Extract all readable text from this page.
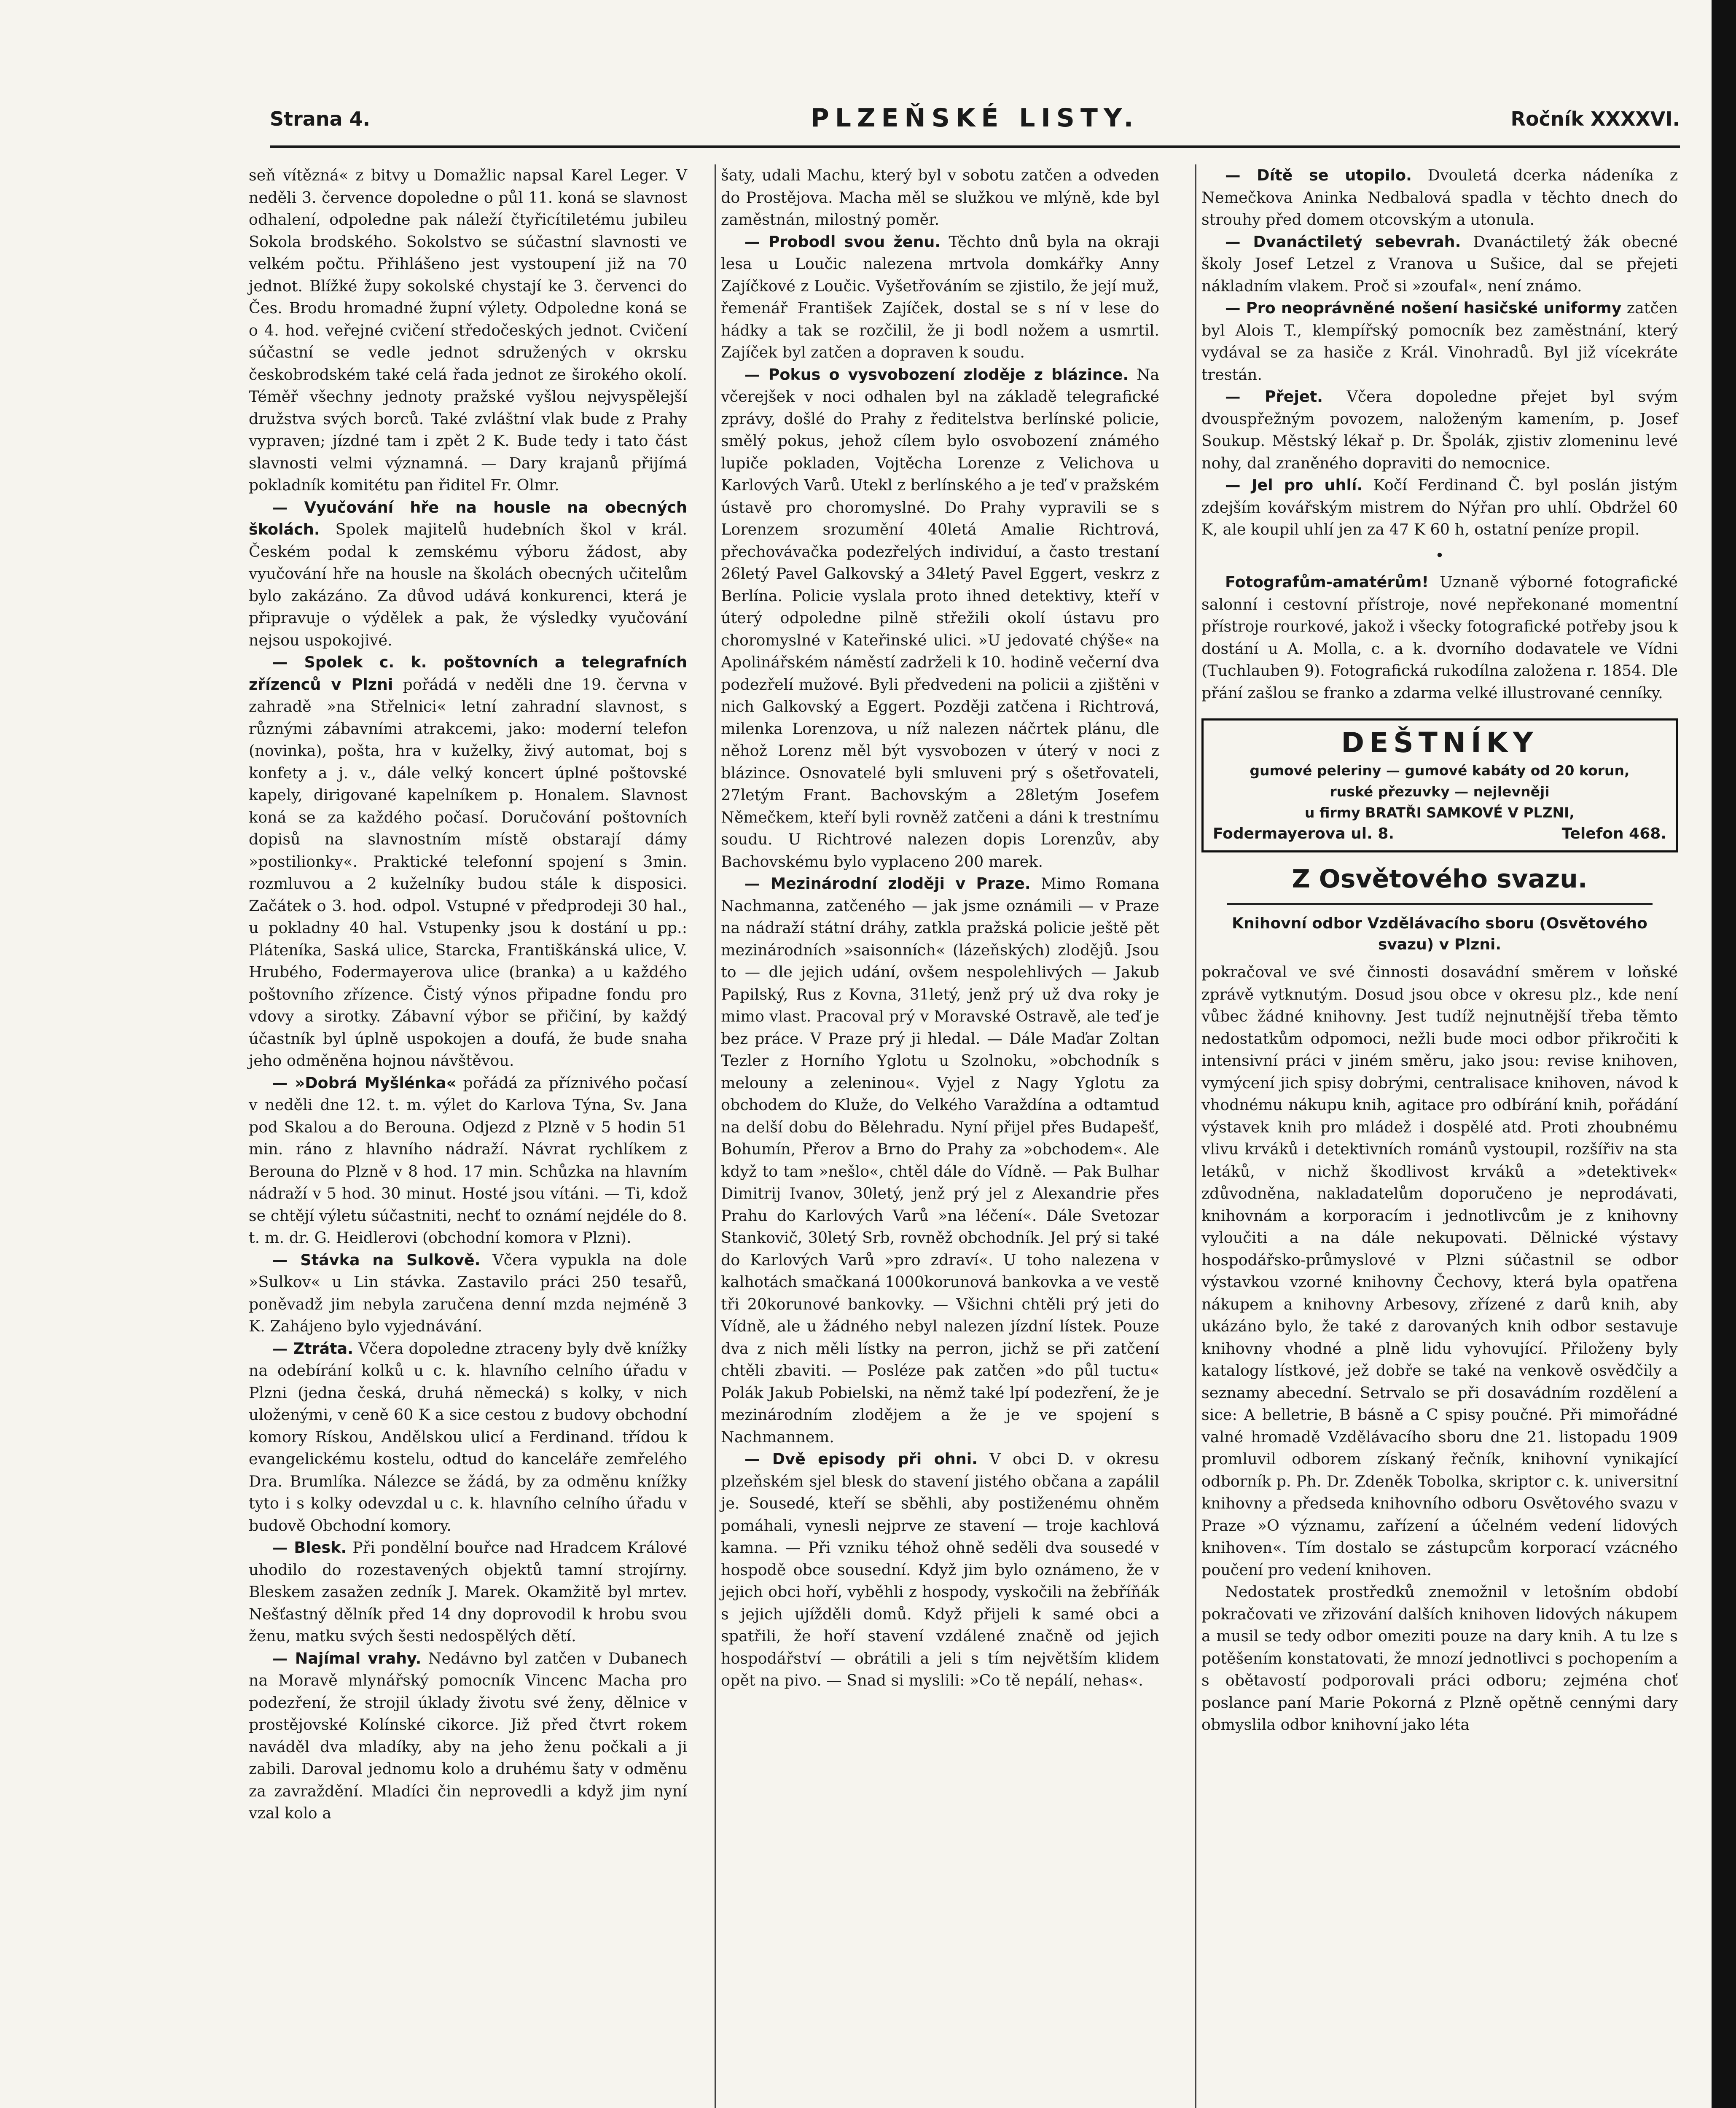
Strana 4.	PLZEŇSKÉ LISTY.	Ročník XXXXVI.

seň vítězná« z bitvy u Domažlic napsal Karel Leger. V neděli 3. července dopoledne o půl 11. koná se slavnost odhalení, odpoledne pak náleží čtyřicítiletému jubileu Sokola brodského. Sokolstvo se súčastní slavnosti ve velkém počtu. Přihlášeno jest vystoupení již na 70 jednot. Blížké župy sokolské chystají ke 3. červenci do Čes. Brodu hromadné župní výlety. Odpoledne koná se o 4. hod. veřejné cvičení středočeských jednot. Cvičení súčastní se vedle jednot sdružených v okrsku českobrodském také celá řada jednot ze širokého okolí. Téměř všechny jednoty pražské vyšlou nejvyspělejší družstva svých borců. Také zvláštní vlak bude z Prahy vypraven; jízdné tam i zpět 2 K. Bude tedy i tato část slavnosti velmi významná. — Dary krajanů přijímá pokladník komitétu pan řiditel Fr. Olmr.

— Vyučování hře na housle na obecných školách. Spolek majitelů hudebních škol v král. Českém podal k zemskému výboru žádost, aby vyučování hře na housle na školách obecných učitelům bylo zakázáno. Za důvod udává konkurenci, která je připravuje o výdělek a pak, že výsledky vyučování nejsou uspokojivé.

— Spolek c. k. poštovních a telegrafních zřízenců v Plzni pořádá v neděli dne 19. června v zahradě »na Střelnici« letní zahradní slavnost, s různými zábavními atrakcemi, jako: moderní telefon (novinka), pošta, hra v kuželky, živý automat, boj s konfety a j. v., dále velký koncert úplné poštovské kapely, dirigované kapelníkem p. Honalem. Slavnost koná se za každého počasí. Doručování poštovních dopisů na slavnostním místě obstarají dámy »postilionky«. Praktické telefonní spojení s 3min. rozmluvou a 2 kuželníky budou stále k disposici. Začátek o 3. hod. odpol. Vstupné v předprodeji 30 hal., u pokladny 40 hal. Vstupenky jsou k dostání u pp.: Pláteníka, Saská ulice, Starcka, Františkánská ulice, V. Hrubého, Fodermayerova ulice (branka) a u každého poštovního zřízence. Čistý výnos připadne fondu pro vdovy a sirotky. Zábavní výbor se přičiní, by každý účastník byl úplně uspokojen a doufá, že bude snaha jeho odměněna hojnou návštěvou.

— »Dobrá Myšlénka« pořádá za příznivého počasí v neděli dne 12. t. m. výlet do Karlova Týna, Sv. Jana pod Skalou a do Berouna. Odjezd z Plzně v 5 hodin 51 min. ráno z hlavního nádraží. Návrat rychlíkem z Berouna do Plzně v 8 hod. 17 min. Schůzka na hlavním nádraží v 5 hod. 30 minut. Hosté jsou vítáni. — Ti, kdož se chtějí výletu súčastniti, nechť to oznámí nejdéle do 8. t. m. dr. G. Heidlerovi (obchodní komora v Plzni).

— Stávka na Sulkově. Včera vypukla na dole »Sulkov« u Lin stávka. Zastavilo práci 250 tesařů, poněvadž jim nebyla zaručena denní mzda nejméně 3 K. Zahájeno bylo vyjednávání.

— Ztráta. Včera dopoledne ztraceny byly dvě knížky na odebírání kolků u c. k. hlavního celního úřadu v Plzni (jedna česká, druhá německá) s kolky, v nich uloženými, v ceně 60 K a sice cestou z budovy obchodní komory Rískou, Andělskou ulicí a Ferdinand. třídou k evangelickému kostelu, odtud do kanceláře zemřelého Dra. Brumlíka. Nálezce se žádá, by za odměnu knížky tyto i s kolky odevzdal u c. k. hlavního celního úřadu v budově Obchodní komory.

— Blesk. Při pondělní bouřce nad Hradcem Králové uhodilo do rozestavených objektů tamní strojírny. Bleskem zasažen zedník J. Marek. Okamžitě byl mrtev. Nešťastný dělník před 14 dny doprovodil k hrobu svou ženu, matku svých šesti nedospělých dětí.

— Najímal vrahy. Nedávno byl zatčen v Dubanech na Moravě mlynářský pomocník Vincenc Macha pro podezření, že strojil úklady životu své ženy, dělnice v prostějovské Kolínské cikorce. Již před čtvrt rokem naváděl dva mladíky, aby na jeho ženu počkali a ji zabili. Daroval jednomu kolo a druhému šaty v odměnu za zavraždění. Mladíci čin neprovedli a když jim nyní vzal kolo a

šaty, udali Machu, který byl v sobotu zatčen a odveden do Prostějova. Macha měl se služkou ve mlýně, kde byl zaměstnán, milostný poměr.

— Probodl svou ženu. Těchto dnů byla na okraji lesa u Loučic nalezena mrtvola domkářky Anny Zajíčkové z Loučic. Vyšetřováním se zjistilo, že její muž, řemenář František Zajíček, dostal se s ní v lese do hádky a tak se rozčilil, že ji bodl nožem a usmrtil. Zajíček byl zatčen a dopraven k soudu.

— Pokus o vysvobození zloděje z blázince. Na včerejšek v noci odhalen byl na základě telegrafické zprávy, došlé do Prahy z ředitelstva berlínské policie, smělý pokus, jehož cílem bylo osvobození známého lupiče pokladen, Vojtěcha Lorenze z Velichova u Karlových Varů. Utekl z berlínského a je teď v pražském ústavě pro choromyslné. Do Prahy vypravili se s Lorenzem srozumění 40letá Amalie Richtrová, přechovávačka podezřelých individuí, a často trestaní 26letý Pavel Galkovský a 34letý Pavel Eggert, veskrz z Berlína. Policie vyslala proto ihned detektivy, kteří v úterý odpoledne pilně střežili okolí ústavu pro choromyslné v Kateřinské ulici. »U jedovaté chýše« na Apolinářském náměstí zadrželi k 10. hodině večerní dva podezřelí mužové. Byli předvedeni na policii a zjištěni v nich Galkovský a Eggert. Později zatčena i Richtrová, milenka Lorenzova, u níž nalezen náčrtek plánu, dle něhož Lorenz měl být vysvobozen v úterý v noci z blázince. Osnovatelé byli smluveni prý s ošetřovateli, 27letým Frant. Bachovským a 28letým Josefem Němečkem, kteří byli rovněž zatčeni a dáni k trestnímu soudu. U Richtrové nalezen dopis Lorenzův, aby Bachovskému bylo vyplaceno 200 marek.

— Mezinárodní zloději v Praze. Mimo Romana Nachmanna, zatčeného — jak jsme oznámili — v Praze na nádraží státní dráhy, zatkla pražská policie ještě pět mezinárodních »saisonních« (lázeňských) zlodějů. Jsou to — dle jejich udání, ovšem nespolehlivých — Jakub Papilský, Rus z Kovna, 31letý, jenž prý už dva roky je mimo vlast. Pracoval prý v Moravské Ostravě, ale teď je bez práce. V Praze prý ji hledal. — Dále Maďar Zoltan Tezler z Horního Yglotu u Szolnoku, »obchodník s melouny a zeleninou«. Vyjel z Nagy Yglotu za obchodem do Kluže, do Velkého Varaždína a odtamtud na delší dobu do Bělehradu. Nyní přijel přes Budapešť, Bohumín, Přerov a Brno do Prahy za »obchodem«. Ale když to tam »nešlo«, chtěl dále do Vídně. — Pak Bulhar Dimitrij Ivanov, 30letý, jenž prý jel z Alexandrie přes Prahu do Karlových Varů »na léčení«. Dále Svetozar Stankovič, 30letý Srb, rovněž obchodník. Jel prý si také do Karlových Varů »pro zdraví«. U toho nalezena v kalhotách smačkaná 1000korunová bankovka a ve vestě tři 20korunové bankovky. — Všichni chtěli prý jeti do Vídně, ale u žádného nebyl nalezen jízdní lístek. Pouze dva z nich měli lístky na perron, jichž se při zatčení chtěli zbaviti. — Posléze pak zatčen »do půl tuctu« Polák Jakub Pobielski, na němž také lpí podezření, že je mezinárodním zlodějem a že je ve spojení s Nachmannem.

— Dvě episody při ohni. V obci D. v okresu plzeňském sjel blesk do stavení jistého občana a zapálil je. Sousedé, kteří se sběhli, aby postiženému ohněm pomáhali, vynesli nejprve ze stavení — troje kachlová kamna. — Při vzniku téhož ohně seděli dva sousedé v hospodě obce sousední. Když jim bylo oznámeno, že v jejich obci hoří, vyběhli z hospody, vyskočili na žebříňák s jejich ujížděli domů. Když přijeli k samé obci a spatřili, že hoří stavení vzdálené značně od jejich hospodářství — obrátili a jeli s tím největším klidem opět na pivo. — Snad si myslili: »Co tě nepálí, nehas«.

— Dítě se utopilo. Dvouletá dcerka nádeníka z Nemečkova Aninka Nedbalová spadla v těchto dnech do strouhy před domem otcovským a utonula.

— Dvanáctiletý sebevrah. Dvanáctiletý žák obecné školy Josef Letzel z Vranova u Sušice, dal se přejeti nákladním vlakem. Proč si »zoufal«, není známo.

— Pro neoprávněné nošení hasičské uniformy zatčen byl Alois T., klempířský pomocník bez zaměstnání, který vydával se za hasiče z Král. Vinohradů. Byl již vícekráte trestán.

— Přejet. Včera dopoledne přejet byl svým dvouspřežným povozem, naloženým kamením, p. Josef Soukup. Městský lékař p. Dr. Špolák, zjistiv zlomeninu levé nohy, dal zraněného dopraviti do nemocnice.

— Jel pro uhlí. Kočí Ferdinand Č. byl poslán jistým zdejším kovářským mistrem do Nýřan pro uhlí. Obdržel 60 K, ale koupil uhlí jen za 47 K 60 h, ostatní peníze propil.

•

Fotografům-amatérům! Uznaně výborné fotografické salonní i cestovní přístroje, nové nepřekonané momentní přístroje rourkové, jakož i všecky fotografické potřeby jsou k dostání u A. Molla, c. a k. dvorního dodavatele ve Vídni (Tuchlauben 9). Fotografická rukodílna založena r. 1854. Dle přání zašlou se franko a zdarma velké illustrované cenníky.

DEŠTNÍKY
gumové peleriny — gumové kabáty od 20 korun,
ruské přezuvky — nejlevněji
u firmy BRATŘI SAMKOVÉ V PLZNI,
Fodermayerova ul. 8.	Telefon 468.
Z Osvětového svazu.
Knihovní odbor Vzdělávacího sboru (Osvětového svazu) v Plzni.

pokračoval ve své činnosti dosavádní směrem v loňské zprávě vytknutým. Dosud jsou obce v okresu plz., kde není vůbec žádné knihovny. Jest tudíž nejnutnější třeba těmto nedostatkům odpomoci, nežli bude moci odbor přikročiti k intensivní práci v jiném směru, jako jsou: revise knihoven, vymýcení jich spisy dobrými, centralisace knihoven, návod k vhodnému nákupu knih, agitace pro odbírání knih, pořádání výstavek knih pro mládež i dospělé atd. Proti zhoubnému vlivu krváků i detektivních románů vystoupil, rozšířiv na sta letáků, v nichž škodlivost krváků a »detektivek« zdůvodněna, nakladatelům doporučeno je neprodávati, knihovnám a korporacím i jednotlivcům je z knihovny vyloučiti a na dále nekupovati. Dělnické výstavy hospodářsko-průmyslové v Plzni súčastnil se odbor výstavkou vzorné knihovny Čechovy, která byla opatřena nákupem a knihovny Arbesovy, zřízené z darů knih, aby ukázáno bylo, že také z darovaných knih odbor sestavuje knihovny vhodné a plně lidu vyhovující. Přiloženy byly katalogy lístkové, jež dobře se také na venkově osvědčily a seznamy abecední. Setrvalo se při dosavádním rozdělení a sice: A belletrie, B básně a C spisy poučné. Při mimořádné valné hromadě Vzdělávacího sboru dne 21. listopadu 1909 promluvil odborem získaný řečník, knihovní vynikající odborník p. Ph. Dr. Zdeněk Tobolka, skriptor c. k. universitní knihovny a předseda knihovního odboru Osvětového svazu v Praze »O významu, zařízení a účelném vedení lidových knihoven«. Tím dostalo se zástupcům korporací vzácného poučení pro vedení knihoven.

Nedostatek prostředků znemožnil v letošním období pokračovati ve zřizování dalších knihoven lidových nákupem a musil se tedy odbor omeziti pouze na dary knih. A tu lze s potěšením konstatovati, že mnozí jednotlivci s pochopením a s obětavostí podporovali práci odboru; zejména choť poslance paní Marie Pokorná z Plzně opětně cennými dary obmyslila odbor knihovní jako léta
